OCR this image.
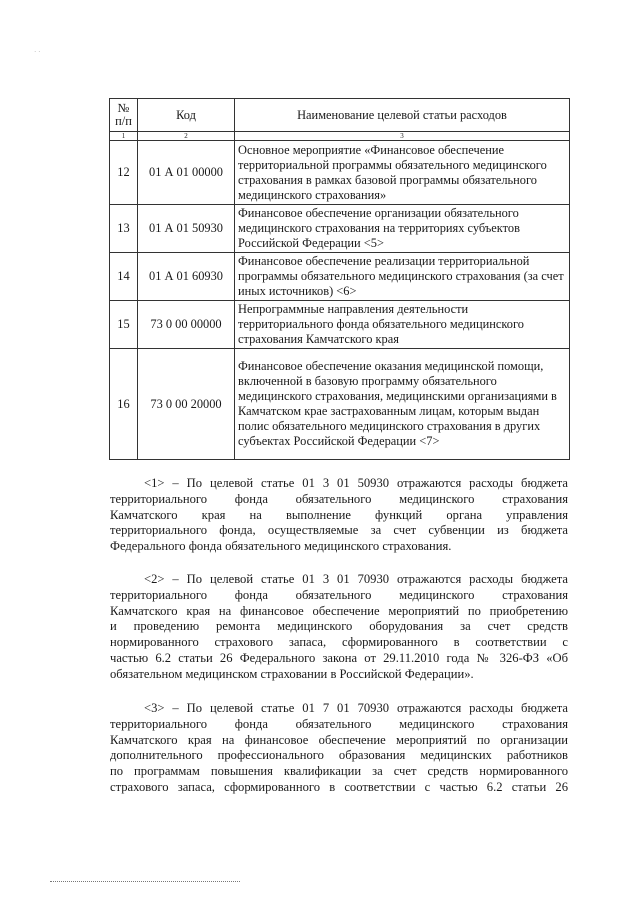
· ·
№ п/п	Код	Наименование целевой статьи расходов
1	2	3
12	01 А 01 00000	Основное мероприятие «Финансовое обеспечение территориальной программы обязательного медицинского страхования в рамках базовой программы обязательного медицинского страхования»
13	01 А 01 50930	Финансовое обеспечение организации обязательного медицинского страхования на территориях субъектов Российской Федерации <5>
14	01 А 01 60930	Финансовое обеспечение реализации территориальной программы обязательного медицинского страхования (за счет иных источников) <6>
15	73 0 00 00000	Непрограммные направления деятельности территориального фонда обязательного медицинского страхования Камчатского края
16	73 0 00 20000	Финансовое обеспечение оказания медицинской помощи, включенной в базовую программу обязательного медицинского страхования, медицинскими организациями в Камчатском крае застрахованным лицам, которым выдан полис обязательного медицинского страхования в других субъектах Российской Федерации <7>
<1> – По целевой статье 01 3 01 50930 отражаются расходы бюджета
территориального фонда обязательного медицинского страхования
Камчатского края на выполнение функций органа управления
территориального фонда, осуществляемые за счет субвенции из бюджета
Федерального фонда обязательного медицинского страхования.
<2> – По целевой статье 01 3 01 70930 отражаются расходы бюджета
территориального фонда обязательного медицинского страхования
Камчатского края на финансовое обеспечение мероприятий по приобретению
и проведению ремонта медицинского оборудования за счет средств
нормированного страхового запаса, сформированного в соответствии с
частью 6.2 статьи 26 Федерального закона от 29.11.2010 года № 326-ФЗ «Об
обязательном медицинском страховании в Российской Федерации».
<3> – По целевой статье 01 7 01 70930 отражаются расходы бюджета
территориального фонда обязательного медицинского страхования
Камчатского края на финансовое обеспечение мероприятий по организации
дополнительного профессионального образования медицинских работников
по программам повышения квалификации за счет средств нормированного
страхового запаса, сформированного в соответствии с частью 6.2 статьи 26
